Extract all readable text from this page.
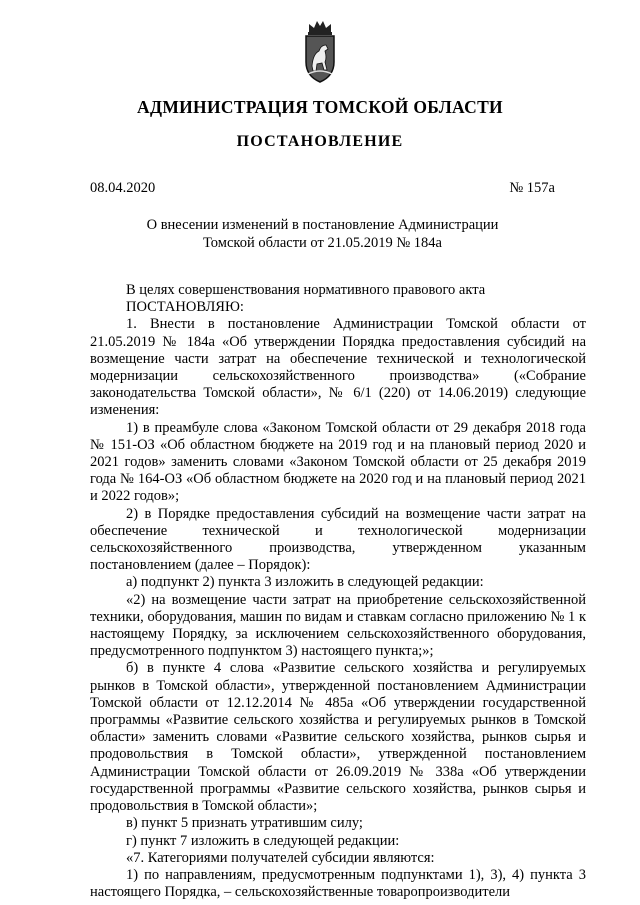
АДМИНИСТРАЦИЯ ТОМСКОЙ ОБЛАСТИ
ПОСТАНОВЛЕНИЕ
08.04.2020	№ 157а
О внесении изменений в постановление Администрации
Томской области от 21.05.2019 № 184а

В целях совершенствования нормативного правового акта

ПОСТАНОВЛЯЮ:

1. Внести в постановление Администрации Томской области от 21.05.2019 № 184а «Об утверждении Порядка предоставления субсидий на возмещение части затрат на обеспечение технической и технологической модернизации сельскохозяйственного производства» («Собрание законодательства Томской области», № 6/1 (220) от 14.06.2019) следующие изменения:

1) в преамбуле слова «Законом Томской области от 29 декабря 2018 года № 151-ОЗ «Об областном бюджете на 2019 год и на плановый период 2020 и 2021 годов» заменить словами «Законом Томской области от 25 декабря 2019 года № 164-ОЗ «Об областном бюджете на 2020 год и на плановый период 2021 и 2022 годов»;

2) в Порядке предоставления субсидий на возмещение части затрат на обеспечение технической и технологической модернизации сельскохозяйственного производства, утвержденном указанным постановлением (далее – Порядок):

а) подпункт 2) пункта 3 изложить в следующей редакции:

«2) на возмещение части затрат на приобретение сельскохозяйственной техники, оборудования, машин по видам и ставкам согласно приложению № 1 к настоящему Порядку, за исключением сельскохозяйственного оборудования, предусмотренного подпунктом 3) настоящего пункта;»;

б) в пункте 4 слова «Развитие сельского хозяйства и регулируемых рынков в Томской области», утвержденной постановлением Администрации Томской области от 12.12.2014 № 485а «Об утверждении государственной программы «Развитие сельского хозяйства и регулируемых рынков в Томской области» заменить словами «Развитие сельского хозяйства, рынков сырья и продовольствия в Томской области», утвержденной постановлением Администрации Томской области от 26.09.2019 № 338а «Об утверждении государственной программы «Развитие сельского хозяйства, рынков сырья и продовольствия в Томской области»;

в) пункт 5 признать утратившим силу;

г) пункт 7 изложить в следующей редакции:

«7. Категориями получателей субсидии являются:

1) по направлениям, предусмотренным подпунктами 1), 3), 4) пункта 3 настоящего Порядка, – сельскохозяйственные товаропроизводители
